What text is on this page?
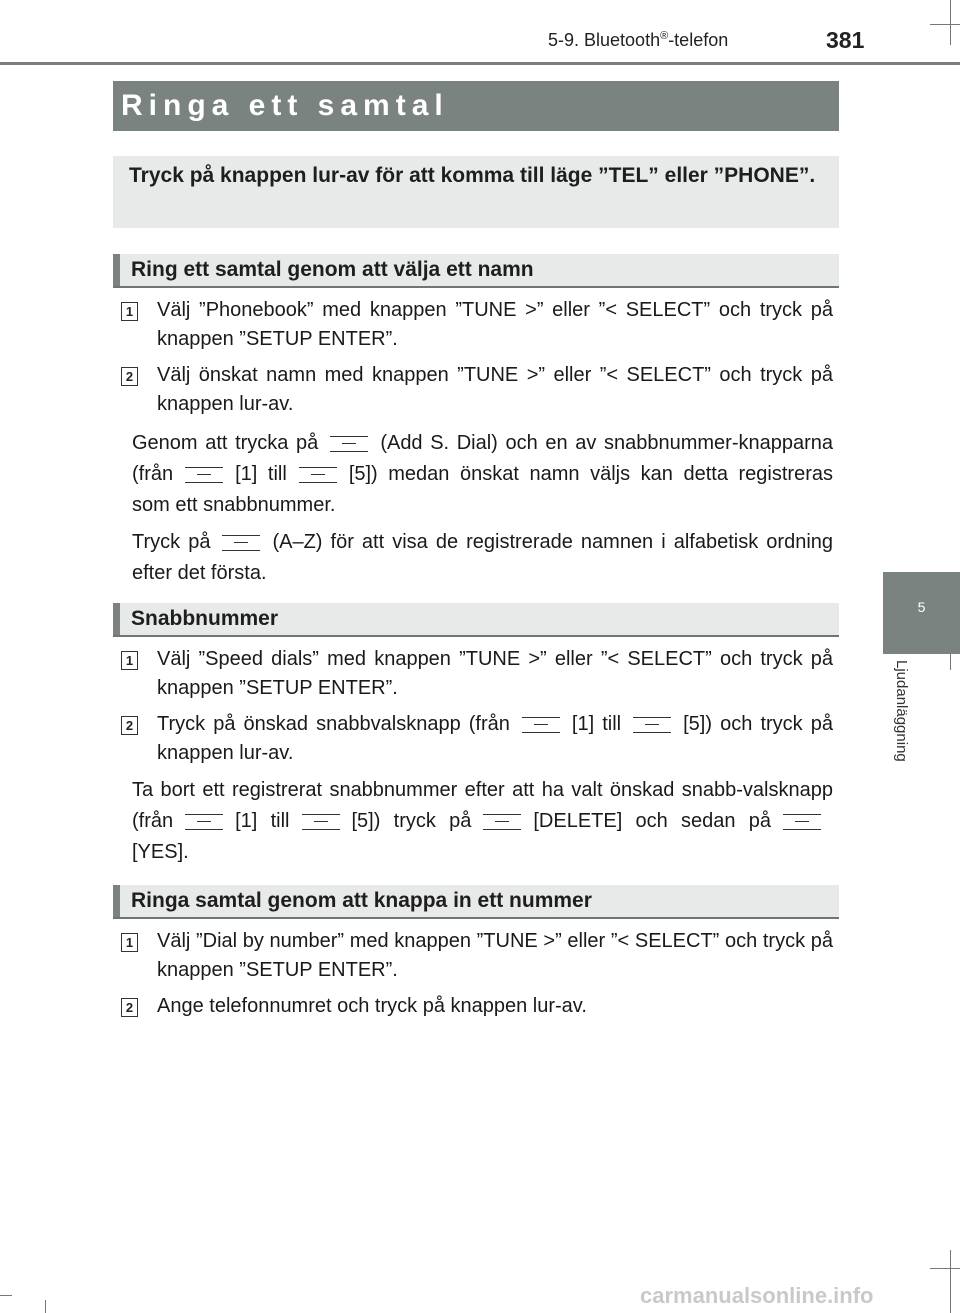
5-9. Bluetooth®-telefon	381
Ringa ett samtal
Tryck på knappen lur-av för att komma till läge ”TEL” eller ”PHONE”.
Ring ett samtal genom att välja ett namn
1 Välj ”Phonebook” med knappen ”TUNE >” eller ”< SELECT” och tryck på knappen ”SETUP ENTER”.
2 Välj önskat namn med knappen ”TUNE >” eller ”< SELECT” och tryck på knappen lur-av.
Genom att trycka på	(Add S. Dial) och en av snabbnummer-knapparna (från	[1] till	[5]) medan önskat namn väljs kan detta registreras som ett snabbnummer.
Tryck på	(A–Z) för att visa de registrerade namnen i alfabetisk ordning efter det första.
Snabbnummer
1 Välj ”Speed dials” med knappen ”TUNE >” eller ”< SELECT” och tryck på knappen ”SETUP ENTER”.
2 Tryck på önskad snabbvalsknapp (från	[1] till	[5]) och tryck på knappen lur-av.
Ta bort ett registrerat snabbnummer efter att ha valt önskad snabb-valsknapp (från	[1] till	[5]) tryck på	[DELETE] och sedan på[YES].
Ringa samtal genom att knappa in ett nummer
1 Välj ”Dial by number” med knappen ”TUNE >” eller ”< SELECT” och tryck på knappen ”SETUP ENTER”.
2 Ange telefonnumret och tryck på knappen lur-av.
5
Ljudanläggning
carmanualsonline.info
